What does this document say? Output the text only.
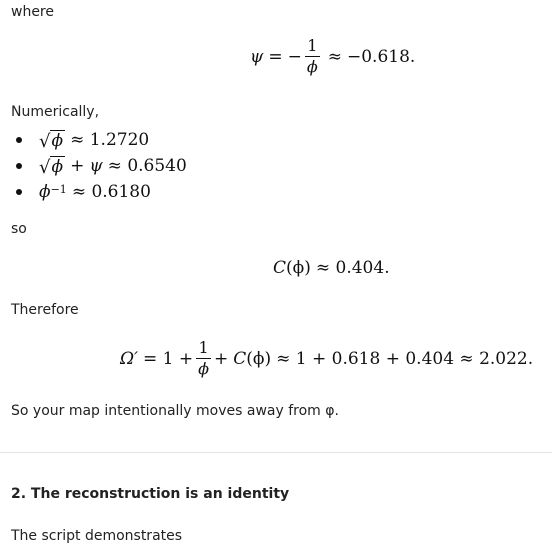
where
ψ = − $\frac{1}{\phi} \approx -0.618$.
Numerically,
√ ϕ ≈ 1.2720
√ ϕ + ψ ≈ 0.6540
$\phi^{-1} \approx 0.6180$
so
C (ϕ) ≈ 0.404.
Therefore
$\Omega' = 1 + \frac{1}{\phi} + C$ (ϕ) ≈ 1 + 0.618 + 0.404 ≈ 2.022.
So your map intentionally moves away from φ.
2. The reconstruction is an identity
The script demonstrates
